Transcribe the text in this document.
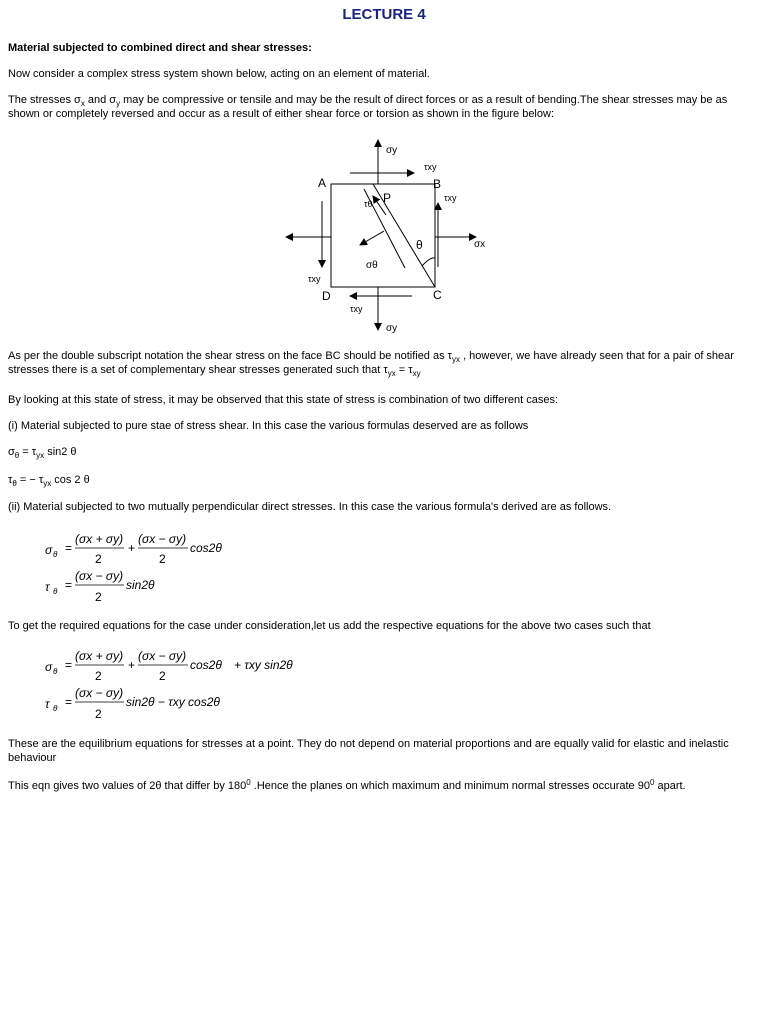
LECTURE 4
Material subjected to combined direct and shear stresses:
Now consider a complex stress system shown below, acting on an element of material.
The stresses $\sigma_x$ and $\sigma_y$ may be compressive or tensile and may be the result of direct forces or as a result of bending.The shear stresses may be as shown or completely reversed and occur as a result of either shear force or torsion as shown in the figure below:
σy
σy
σx
τxy
τxy
τxy
τxy
τθ
σθ
θ
A	B
C
D
P
As per the double subscript notation the shear stress on the face BC should be notified as $\tau_{yx}$ , however, we have already seen that for a pair of shear stresses there is a set of complementary shear stresses generated such that $\tau_{yx} = \tau_{xy}$
By looking at this state of stress, it may be observed that this state of stress is combination of two different cases:
(i) Material subjected to pure stae of stress shear. In this case the various formulas deserved are as follows
$\sigma_\theta = \tau_{yx}$ sin2 θ
$\tau_\theta$ = − $\tau_{yx}$ cos 2 θ
(ii) Material subjected to two mutually perpendicular direct stresses. In this case the various formula's derived are as follows.
σ θ =
(σx + σy)
2
+
(σx − σy)
2
cos2θ
τ θ =
(σx − σy)
2
sin2θ
To get the required equations for the case under consideration,let us add the respective equations for the above two cases such that
σ θ =
(σx + σy)
2
+
(σx − σy)
2
cos2θ + τxy sin2θ
τ θ =
(σx − σy)
2
sin2θ − τxy cos2θ
These are the equilibrium equations for stresses at a point. They do not depend on material proportions and are equally valid for elastic and inelastic behaviour
This eqn gives two values of 2θ that differ by $180^0$ .Hence the planes on which maximum and minimum normal stresses occurate $90^0$ apart.
